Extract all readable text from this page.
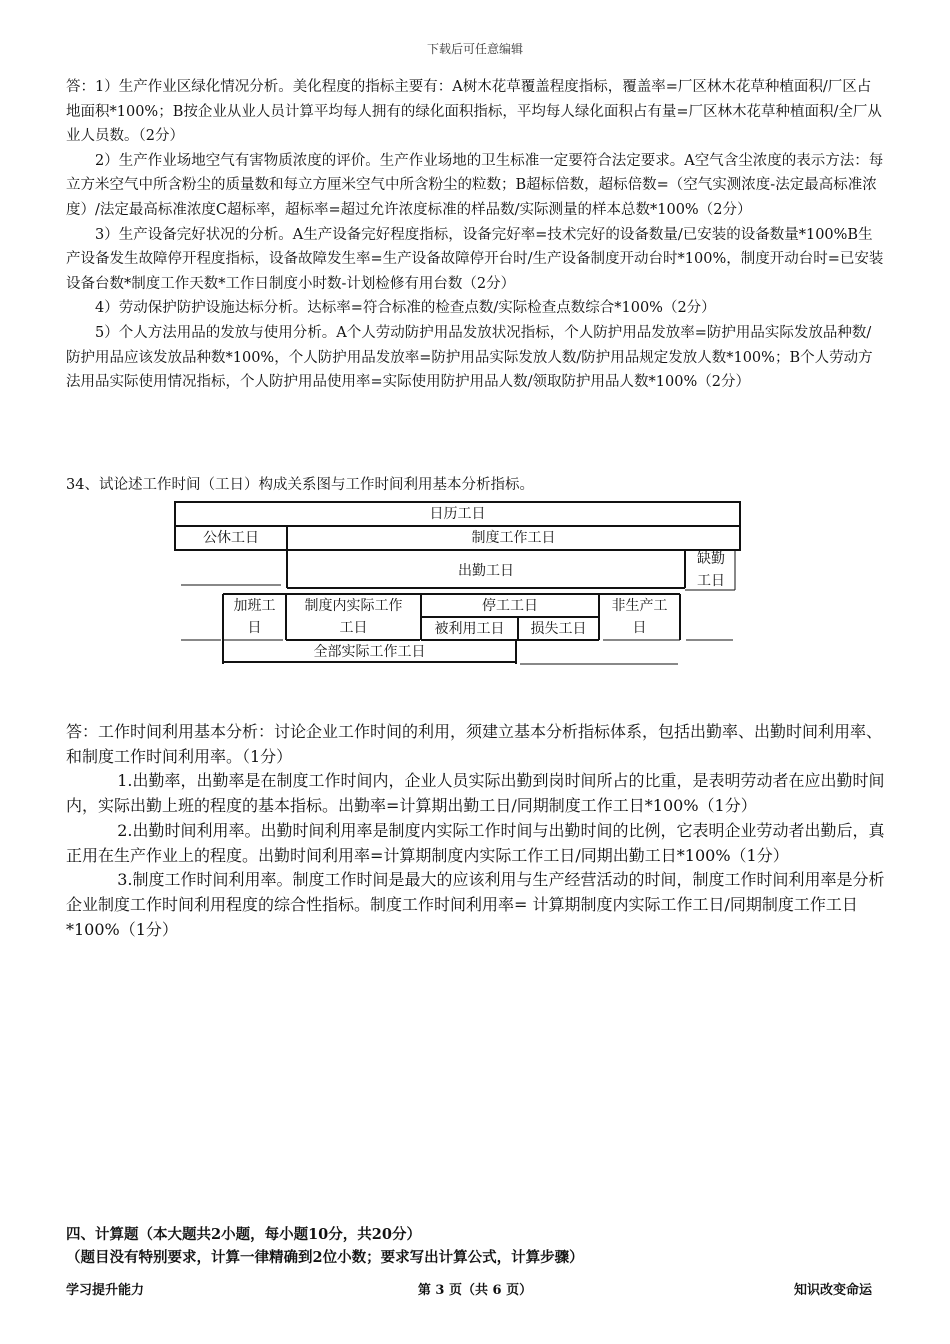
下载后可任意编辑

答：1）生产作业区绿化情况分析。美化程度的指标主要有：A树木花草覆盖程度指标，覆盖率=厂区林木花草种植面积/厂区占地面积*100%；B按企业从业人员计算平均每人拥有的绿化面积指标，平均每人绿化面积占有量=厂区林木花草种植面积/全厂从业人员数。（2分）

2）生产作业场地空气有害物质浓度的评价。生产作业场地的卫生标准一定要符合法定要求。A空气含尘浓度的表示方法：每立方米空气中所含粉尘的质量数和每立方厘米空气中所含粉尘的粒数；B超标倍数，超标倍数=（空气实测浓度-法定最高标准浓度）/法定最高标准浓度C超标率，超标率=超过允许浓度标准的样品数/实际测量的样本总数*100%（2分）

3）生产设备完好状况的分析。A生产设备完好程度指标，设备完好率=技术完好的设备数量/已安装的设备数量*100%B生产设备发生故障停开程度指标，设备故障发生率=生产设备故障停开台时/生产设备制度开动台时*100%，制度开动台时=已安装设备台数*制度工作天数*工作日制度小时数-计划检修有用台数（2分）

4）劳动保护防护设施达标分析。达标率=符合标准的检查点数/实际检查点数综合*100%（2分）

5）个人方法用品的发放与使用分析。A个人劳动防护用品发放状况指标，个人防护用品发放率=防护用品实际发放品种数/防护用品应该发放品种数*100%，个人防护用品发放率=防护用品实际发放人数/防护用品规定发放人数*100%；B个人劳动方法用品实际使用情况指标，个人防护用品使用率=实际使用防护用品人数/领取防护用品人数*100%（2分）

34、试论述工作时间（工日）构成关系图与工作时间利用基本分析指标。
日历工日
公休工日	制度工作工日
缺勤
工日
出勤工日
加班工
日
制度内实际工作
工日
停工工日
被利用工日	损失工日
非生产工
日
全部实际工作工日

答：工作时间利用基本分析：讨论企业工作时间的利用，须建立基本分析指标体系，包括出勤率、出勤时间利用率、和制度工作时间利用率。（1分）

1.出勤率，出勤率是在制度工作时间内，企业人员实际出勤到岗时间所占的比重，是表明劳动者在应出勤时间内，实际出勤上班的程度的基本指标。出勤率=计算期出勤工日/同期制度工作工日*100%（1分）

2.出勤时间利用率。出勤时间利用率是制度内实际工作时间与出勤时间的比例，它表明企业劳动者出勤后，真正用在生产作业上的程度。出勤时间利用率=计算期制度内实际工作工日/同期出勤工日*100%（1分）

3.制度工作时间利用率。制度工作时间是最大的应该利用与生产经营活动的时间，制度工作时间利用率是分析企业制度工作时间利用程度的综合性指标。制度工作时间利用率= 计算期制度内实际工作工日/同期制度工作工日*100%（1分）

四、计算题（本大题共2小题，每小题10分，共20分）
（题目没有特别要求，计算一律精确到2位小数；要求写出计算公式，计算步骤）
学习提升能力	第 3 页（共 6 页）	知识改变命运
